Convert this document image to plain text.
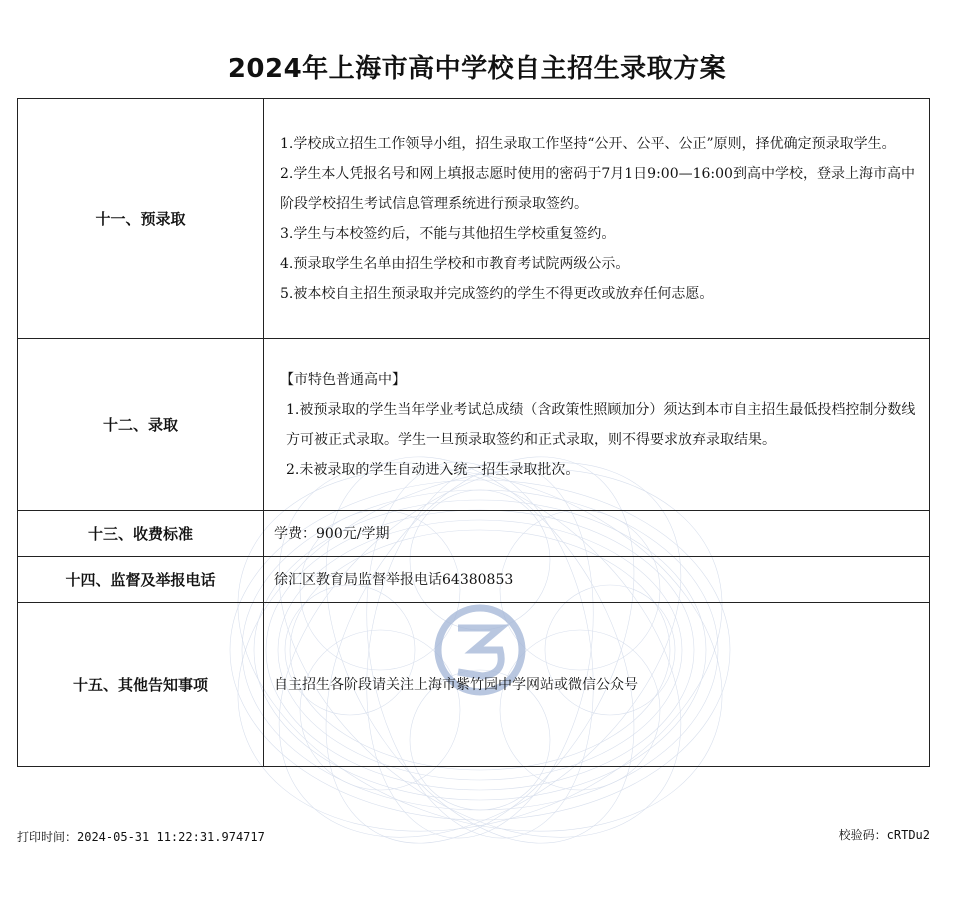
2024年上海市高中学校自主招生录取方案
十一、预录取	1.学校成立招生工作领导小组，招生录取工作坚持“公开、公平、公正”原则，择优确定预录取学生。

2.学生本人凭报名号和网上填报志愿时使用的密码于7月1日9:00—16:00到高中学校，登录上海市高中阶段学校招生考试信息管理系统进行预录取签约。

3.学生与本校签约后，不能与其他招生学校重复签约。

4.预录取学生名单由招生学校和市教育考试院两级公示。

5.被本校自主招生预录取并完成签约的学生不得更改或放弃任何志愿。

十二、录取	【市特色普通高中】

1.被预录取的学生当年学业考试总成绩（含政策性照顾加分）须达到本市自主招生最低投档控制分数线方可被正式录取。学生一旦预录取签约和正式录取，则不得要求放弃录取结果。

2.未被录取的学生自动进入统一招生录取批次。

十三、收费标准	学费：900元/学期

十四、监督及举报电话	徐汇区教育局监督举报电话64380853

十五、其他告知事项	自主招生各阶段请关注上海市紫竹园中学网站或微信公众号

打印时间：2024-05-31 11:22:31.974717	校验码：cRTDu2
